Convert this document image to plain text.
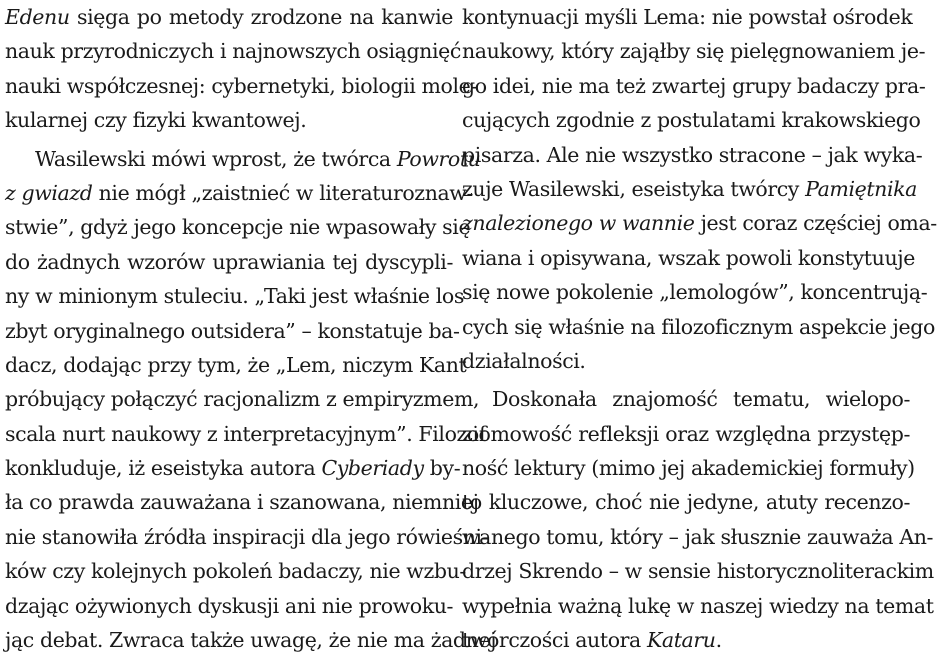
Edenu sięga po metody zrodzone na kanwie
nauk przyrodniczych i najnowszych osiągnięć
nauki współczesnej: cybernetyki, biologii mole-
kularnej czy fizyki kwantowej.
Wasilewski mówi wprost, że twórca Powrotu
z gwiazd nie mógł „zaistnieć w literaturoznaw-
stwie”, gdyż jego koncepcje nie wpasowały się
do żadnych wzorów uprawiania tej dyscypli-
ny w minionym stuleciu. „Taki jest właśnie los
zbyt oryginalnego outsidera” – konstatuje ba-
dacz, dodając przy tym, że „Lem, niczym Kant
próbujący połączyć racjonalizm z empiryzmem,
scala nurt naukowy z interpretacyjnym”. Filozof
konkluduje, iż eseistyka autora Cyberiady by-
ła co prawda zauważana i szanowana, niemniej
nie stanowiła źródła inspiracji dla jego rówieśni-
ków czy kolejnych pokoleń badaczy, nie wzbu-
dzając ożywionych dyskusji ani nie prowoku-
jąc debat. Zwraca także uwagę, że nie ma żadnej
kontynuacji myśli Lema: nie powstał ośrodek
naukowy, który zająłby się pielęgnowaniem je-
go idei, nie ma też zwartej grupy badaczy pra-
cujących zgodnie z postulatami krakowskiego
pisarza. Ale nie wszystko stracone – jak wyka-
zuje Wasilewski, eseistyka twórcy Pamiętnika
znalezionego w wannie jest coraz częściej oma-
wiana i opisywana, wszak powoli konstytuuje
się nowe pokolenie „lemologów”, koncentrują-
cych się właśnie na filozoficznym aspekcie jego
działalności.
Doskonała znajomość tematu, wielopo-
ziomowość refleksji oraz względna przystęp-
ność lektury (mimo jej akademickiej formuły)
to kluczowe, choć nie jedyne, atuty recenzo-
wanego tomu, który – jak słusznie zauważa An-
drzej Skrendo – w sensie historycznoliterackim
wypełnia ważną lukę w naszej wiedzy na temat
twórczości autora Kataru.
